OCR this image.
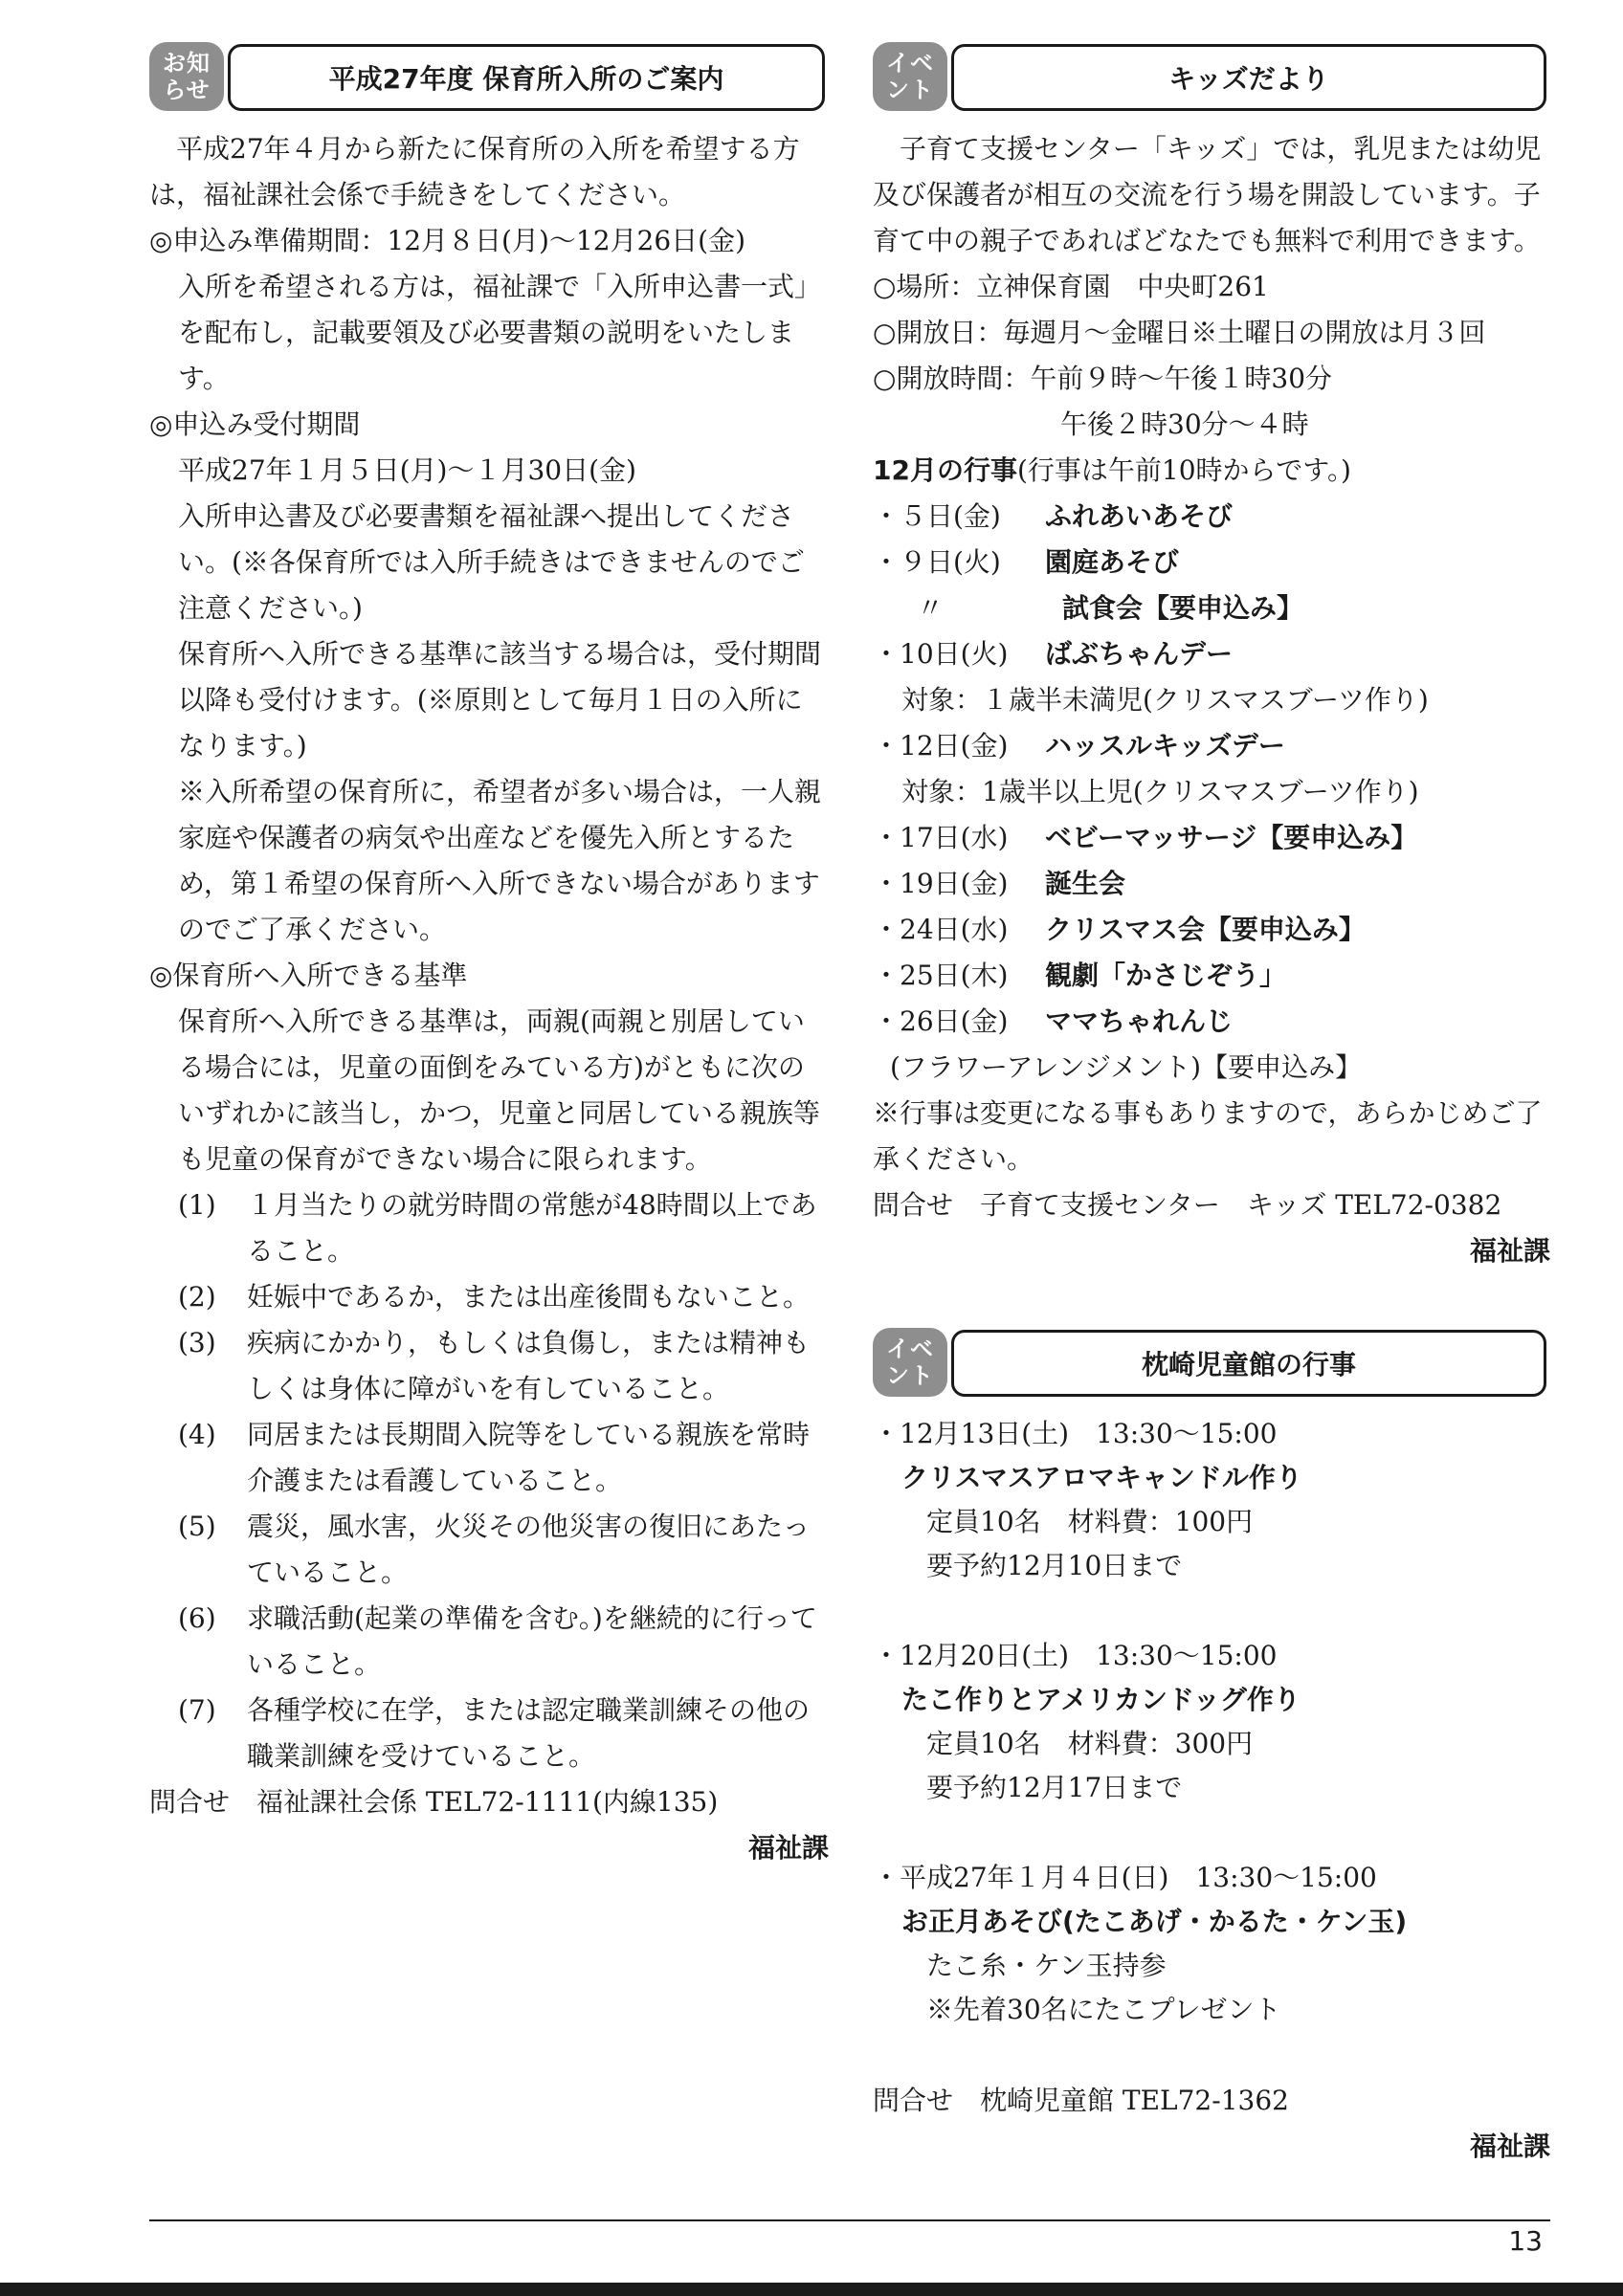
お知
らせ	平成27年度 保育所入所のご案内

平成27年４月から新たに保育所の入所を希望する方は，福祉課社会係で手続きをしてください。

◎申込み準備期間：12月８日(月)～12月26日(金)

入所を希望される方は，福祉課で「入所申込書一式」を配布し，記載要領及び必要書類の説明をいたします。

◎申込み受付期間

平成27年１月５日(月)～１月30日(金)

入所申込書及び必要書類を福祉課へ提出してください。(※各保育所では入所手続きはできませんのでご注意ください。)

保育所へ入所できる基準に該当する場合は，受付期間以降も受付けます。(※原則として毎月１日の入所になります。)

※入所希望の保育所に，希望者が多い場合は，一人親家庭や保護者の病気や出産などを優先入所とするため，第１希望の保育所へ入所できない場合がありますのでご了承ください。

◎保育所へ入所できる基準

保育所へ入所できる基準は，両親(両親と別居している場合には，児童の面倒をみている方)がともに次のいずれかに該当し，かつ，児童と同居している親族等も児童の保育ができない場合に限られます。

(1)	１月当たりの就労時間の常態が48時間以上であること。
(2)	妊娠中であるか，または出産後間もないこと。
(3)	疾病にかかり，もしくは負傷し，または精神もしくは身体に障がいを有していること。
(4)	同居または長期間入院等をしている親族を常時介護または看護していること。
(5)	震災，風水害，火災その他災害の復旧にあたっていること。
(6)	求職活動(起業の準備を含む。)を継続的に行っていること。
(7)	各種学校に在学，または認定職業訓練その他の職業訓練を受けていること。

問合せ　福祉課社会係 TEL72-1111(内線135)

福祉課

イベ
ント	キッズだより

子育て支援センター「キッズ」では，乳児または幼児及び保護者が相互の交流を行う場を開設しています。子育て中の親子であればどなたでも無料で利用できます。

○場所：立神保育園　中央町261

○開放日：毎週月～金曜日※土曜日の開放は月３回

○開放時間：午前９時～午後１時30分

午後２時30分～４時

12月の行事(行事は午前10時からです。)

・５日(金)	ふれあいあそび
・９日(火)	園庭あそび
　〃	試食会【要申込み】
・10日(火)	ばぶちゃんデー

対象：１歳半未満児(クリスマスブーツ作り)

・12日(金)	ハッスルキッズデー

対象：1歳半以上児(クリスマスブーツ作り)

・17日(水)	ベビーマッサージ【要申込み】
・19日(金)	誕生会
・24日(水)	クリスマス会【要申込み】
・25日(木)	観劇「かさじぞう」
・26日(金)	ママちゃれんじ

(フラワーアレンジメント)【要申込み】

※行事は変更になる事もありますので，あらかじめご了承ください。

問合せ　子育て支援センター　キッズ TEL72-0382

福祉課

イベ
ント	枕崎児童館の行事
・12月13日(土)　13:30～15:00
クリスマスアロマキャンドル作り
定員10名　材料費：100円
要予約12月10日まで
・12月20日(土)　13:30～15:00
たこ作りとアメリカンドッグ作り
定員10名　材料費：300円
要予約12月17日まで
・平成27年１月４日(日)　13:30～15:00
お正月あそび(たこあげ・かるた・ケン玉)
たこ糸・ケン玉持参
※先着30名にたこプレゼント

問合せ　枕崎児童館 TEL72-1362

福祉課

13
